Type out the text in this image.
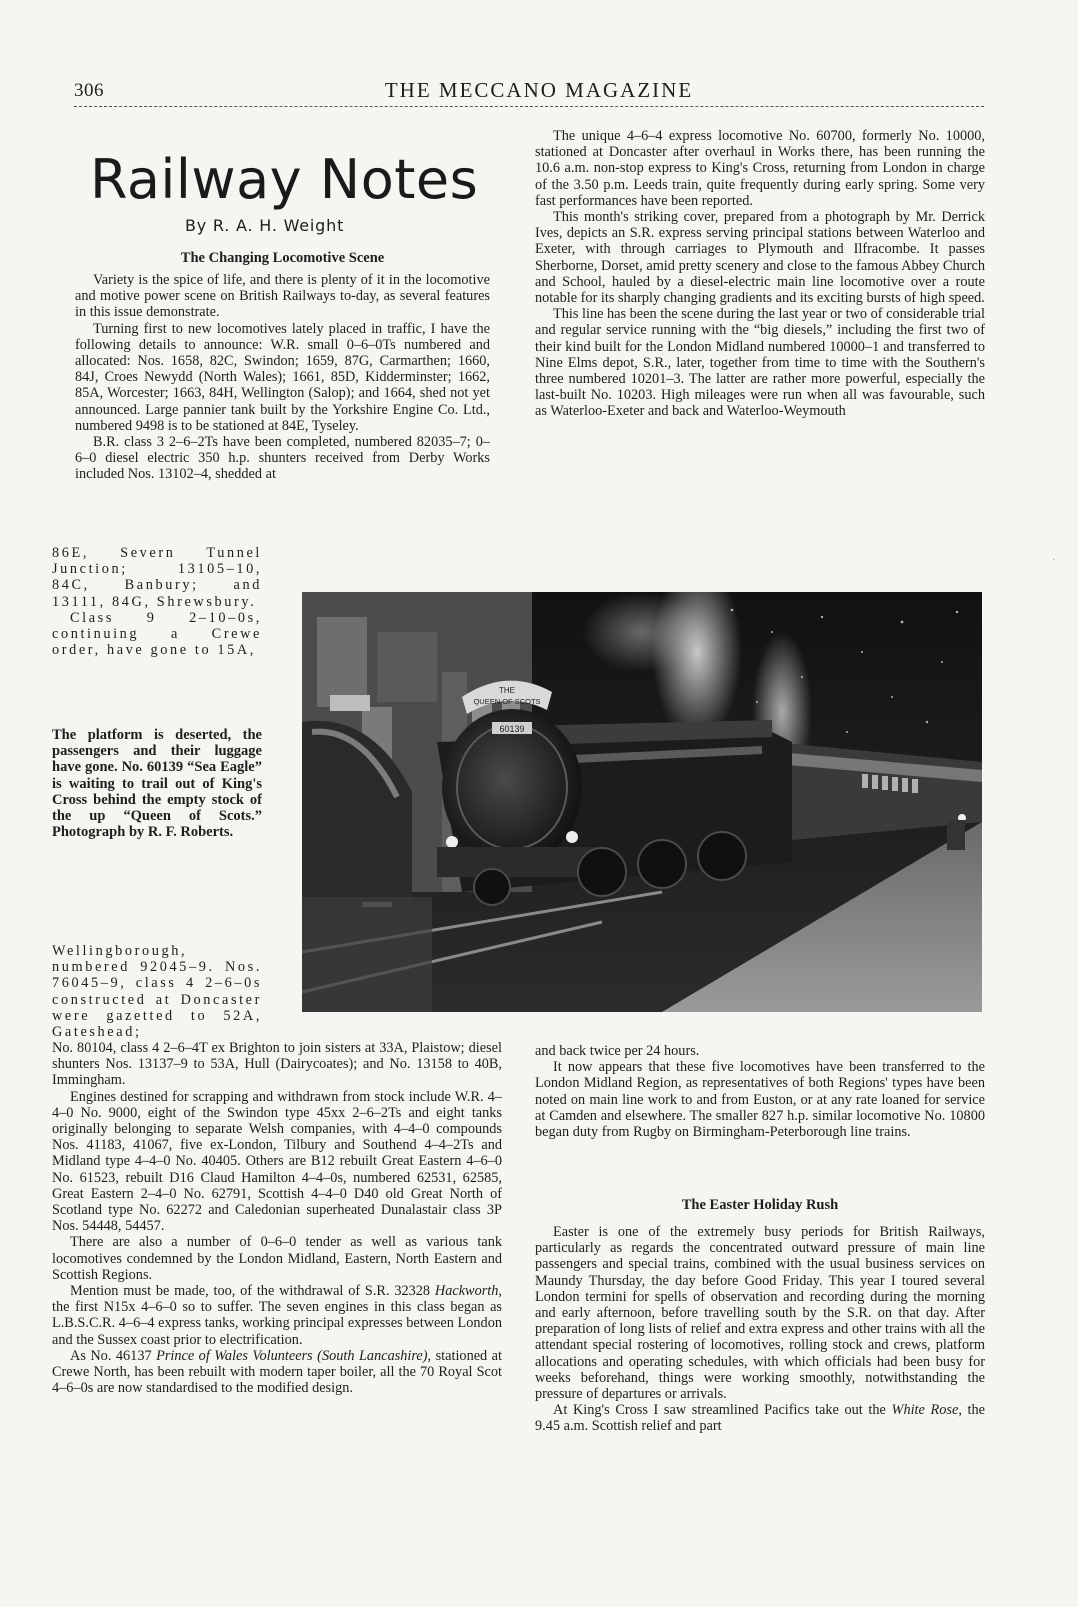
306	THE MECCANO MAGAZINE
Railway Notes
By R. A. H. Weight
The Changing Locomotive Scene

Variety is the spice of life, and there is plenty of it in the locomotive and motive power scene on British Railways to-day, as several features in this issue demonstrate.

Turning first to new locomotives lately placed in traffic, I have the following details to announce: W.R. small 0–6–0Ts numbered and allocated: Nos. 1658, 82C, Swindon; 1659, 87G, Carmarthen; 1660, 84J, Croes Newydd (North Wales); 1661, 85D, Kidderminster; 1662, 85A, Worcester; 1663, 84H, Wellington (Salop); and 1664, shed not yet announced. Large pannier tank built by the Yorkshire Engine Co. Ltd., numbered 9498 is to be stationed at 84E, Tyseley.

B.R. class 3 2–6–2Ts have been completed, numbered 82035–7; 0–6–0 diesel electric 350 h.p. shunters received from Derby Works included Nos. 13102–4, shedded at

86E, Severn Tunnel Junction; 13105–10, 84C, Banbury; and 13111, 84G, Shrewsbury.

Class 9 2–10–0s, continuing a Crewe order, have gone to 15A,

The platform is deserted, the passengers and their luggage have gone. No. 60139 “Sea Eagle” is waiting to trail out of King's Cross behind the empty stock of the up “Queen of Scots.” Photograph by R. F. Roberts.

Wellingborough, numbered 92045–9. Nos. 76045–9, class 4 2–6–0s constructed at Doncaster were gazetted to 52A, Gateshead;

No. 80104, class 4 2–6–4T ex Brighton to join sisters at 33A, Plaistow; diesel shunters Nos. 13137–9 to 53A, Hull (Dairycoates); and No. 13158 to 40B, Immingham.

Engines destined for scrapping and withdrawn from stock include W.R. 4–4–0 No. 9000, eight of the Swindon type 45xx 2–6–2Ts and eight tanks originally belonging to separate Welsh companies, with 4–4–0 compounds Nos. 41183, 41067, five ex-London, Tilbury and Southend 4–4–2Ts and Midland type 4–4–0 No. 40405. Others are B12 rebuilt Great Eastern 4–6–0 No. 61523, rebuilt D16 Claud Hamilton 4–4–0s, numbered 62531, 62585, Great Eastern 2–4–0 No. 62791, Scottish 4–4–0 D40 old Great North of Scotland type No. 62272 and Caledonian superheated Dunalastair class 3P Nos. 54448, 54457.

There are also a number of 0–6–0 tender as well as various tank locomotives condemned by the London Midland, Eastern, North Eastern and Scottish Regions.

Mention must be made, too, of the withdrawal of S.R. 32328 Hackworth, the first N15x 4–6–0 so to suffer. The seven engines in this class began as L.B.S.C.R. 4–6–4 express tanks, working principal expresses between London and the Sussex coast prior to electrification.

As No. 46137 Prince of Wales Volunteers (South Lancashire), stationed at Crewe North, has been rebuilt with modern taper boiler, all the 70 Royal Scot 4–6–0s are now standardised to the modified design.

The unique 4–6–4 express locomotive No. 60700, formerly No. 10000, stationed at Doncaster after overhaul in Works there, has been running the 10.6 a.m. non-stop express to King's Cross, returning from London in charge of the 3.50 p.m. Leeds train, quite frequently during early spring. Some very fast performances have been reported.

This month's striking cover, prepared from a photograph by Mr. Derrick Ives, depicts an S.R. express serving principal stations between Waterloo and Exeter, with through carriages to Plymouth and Ilfracombe. It passes Sherborne, Dorset, amid pretty scenery and close to the famous Abbey Church and School, hauled by a diesel-electric main line locomotive over a route notable for its sharply changing gradients and its exciting bursts of high speed.

This line has been the scene during the last year or two of considerable trial and regular service running with the “big diesels,” including the first two of their kind built for the London Midland numbered 10000–1 and transferred to Nine Elms depot, S.R., later, together from time to time with the Southern's three numbered 10201–3. The latter are rather more powerful, especially the last-built No. 10203. High mileages were run when all was favourable, such as Waterloo-Exeter and back and Waterloo-Weymouth

THE
QUEEN OF SCOTS
60139
·

and back twice per 24 hours.

It now appears that these five locomotives have been transferred to the London Midland Region, as representatives of both Regions' types have been noted on main line work to and from Euston, or at any rate loaned for service at Camden and elsewhere. The smaller 827 h.p. similar locomotive No. 10800 began duty from Rugby on Birmingham-Peterborough line trains.

The Easter Holiday Rush

Easter is one of the extremely busy periods for British Railways, particularly as regards the concentrated outward pressure of main line passengers and special trains, combined with the usual business services on Maundy Thursday, the day before Good Friday. This year I toured several London termini for spells of observation and recording during the morning and early afternoon, before travelling south by the S.R. on that day. After preparation of long lists of relief and extra express and other trains with all the attendant special rostering of locomotives, rolling stock and crews, platform allocations and operating schedules, with which officials had been busy for weeks beforehand, things were working smoothly, notwithstanding the pressure of departures or arrivals.

At King's Cross I saw streamlined Pacifics take out the White Rose, the 9.45 a.m. Scottish relief and part
